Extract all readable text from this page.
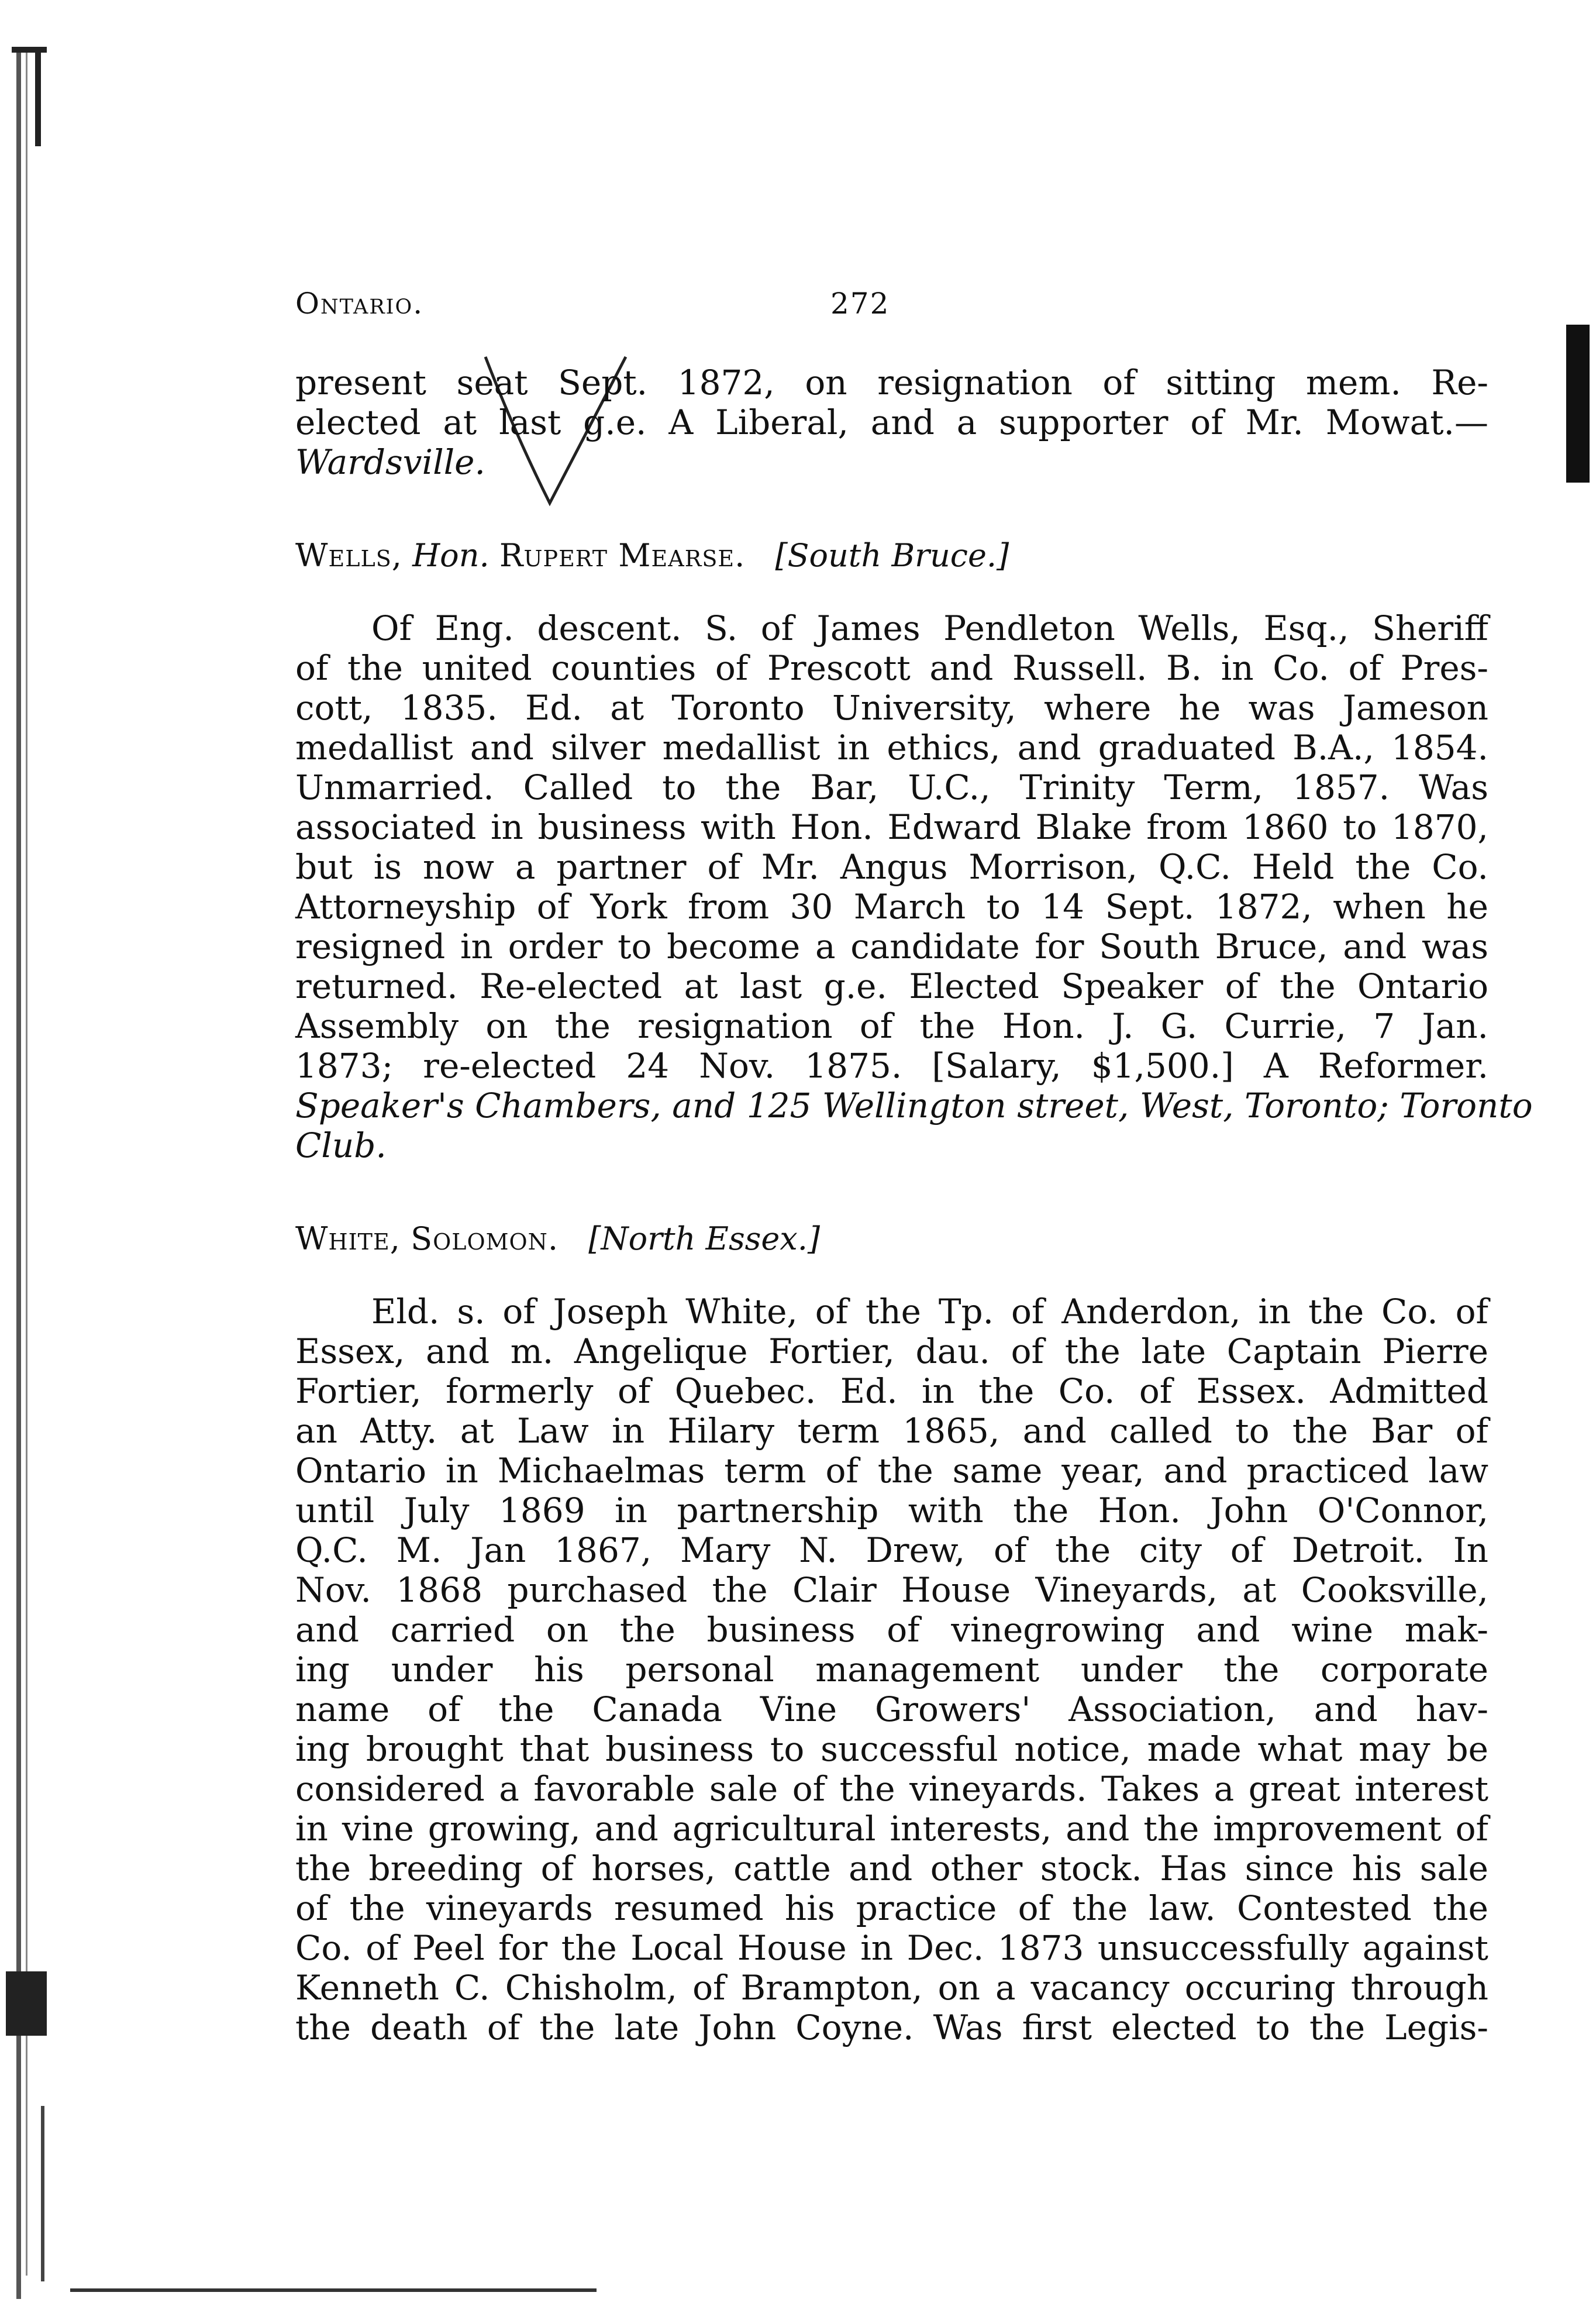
Ontario.	272
present seat Sept. 1872, on resignation of sitting mem. Re-
elected at last g.e. A Liberal, and a supporter of Mr. Mowat.—
Wardsville.
Wells, Hon. Rupert Mearse. [South Bruce.]
Of Eng. descent. S. of James Pendleton Wells, Esq., Sheriff
of the united counties of Prescott and Russell. B. in Co. of Pres-
cott, 1835. Ed. at Toronto University, where he was Jameson
medallist and silver medallist in ethics, and graduated B.A., 1854.
Unmarried. Called to the Bar, U.C., Trinity Term, 1857. Was
associated in business with Hon. Edward Blake from 1860 to 1870,
but is now a partner of Mr. Angus Morrison, Q.C. Held the Co.
Attorneyship of York from 30 March to 14 Sept. 1872, when he
resigned in order to become a candidate for South Bruce, and was
returned. Re-elected at last g.e. Elected Speaker of the Ontario
Assembly on the resignation of the Hon. J. G. Currie, 7 Jan.
1873; re-elected 24 Nov. 1875. [Salary, $1,500.] A Reformer.
Speaker's Chambers, and 125 Wellington street, West, Toronto; Toronto
Club.
White, Solomon. [North Essex.]
Eld. s. of Joseph White, of the Tp. of Anderdon, in the Co. of
Essex, and m. Angelique Fortier, dau. of the late Captain Pierre
Fortier, formerly of Quebec. Ed. in the Co. of Essex. Admitted
an Atty. at Law in Hilary term 1865, and called to the Bar of
Ontario in Michaelmas term of the same year, and practiced law
until July 1869 in partnership with the Hon. John O'Connor,
Q.C. M. Jan 1867, Mary N. Drew, of the city of Detroit. In
Nov. 1868 purchased the Clair House Vineyards, at Cooksville,
and carried on the business of vinegrowing and wine mak-
ing under his personal management under the corporate
name of the Canada Vine Growers' Association, and hav-
ing brought that business to successful notice, made what may be
considered a favorable sale of the vineyards. Takes a great interest
in vine growing, and agricultural interests, and the improvement of
the breeding of horses, cattle and other stock. Has since his sale
of the vineyards resumed his practice of the law. Contested the
Co. of Peel for the Local House in Dec. 1873 unsuccessfully against
Kenneth C. Chisholm, of Brampton, on a vacancy occuring through
the death of the late John Coyne. Was first elected to the Legis-
